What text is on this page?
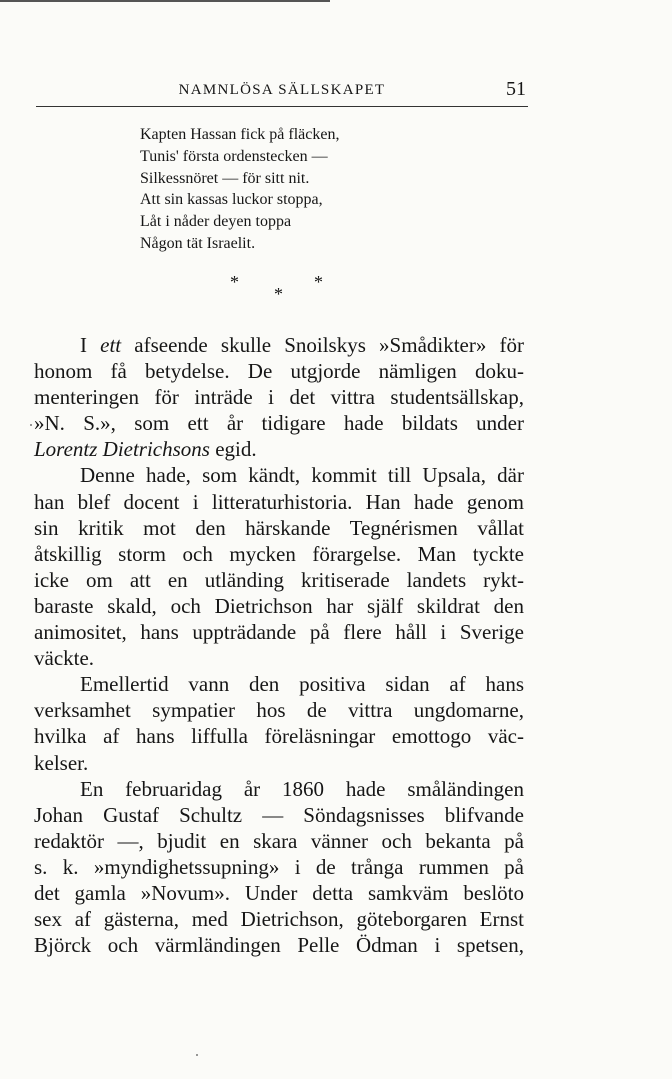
NAMNLÖSA SÄLLSKAPET	51
Kapten Hassan fick på fläcken,
Tunis' första ordenstecken —
Silkessnöret — för sitt nit.
Att sin kassas luckor stoppa,
Låt i nåder deyen toppa
Någon tät Israelit.
*	*
*
I ett afseende skulle Snoilskys »Smådikter» för
honom få betydelse. De utgjorde nämligen doku-
menteringen för inträde i det vittra studentsällskap,
»N. S.», som ett år tidigare hade bildats under
Lorentz Dietrichsons egid.
Denne hade, som kändt, kommit till Upsala, där
han blef docent i litteraturhistoria. Han hade genom
sin kritik mot den härskande Tegnérismen vållat
åtskillig storm och mycken förargelse. Man tyckte
icke om att en utländing kritiserade landets rykt-
baraste skald, och Dietrichson har själf skildrat den
animositet, hans uppträdande på flere håll i Sverige
väckte.
Emellertid vann den positiva sidan af hans
verksamhet sympatier hos de vittra ungdomarne,
hvilka af hans liffulla föreläsningar emottogo väc-
kelser.
En februaridag år 1860 hade småländingen
Johan Gustaf Schultz — Söndagsnisses blifvande
redaktör —, bjudit en skara vänner och bekanta på
s. k. »myndighetssupning» i de trånga rummen på
det gamla »Novum». Under detta samkväm beslöto
sex af gästerna, med Dietrichson, göteborgaren Ernst
Björck och värmländingen Pelle Ödman i spetsen,
